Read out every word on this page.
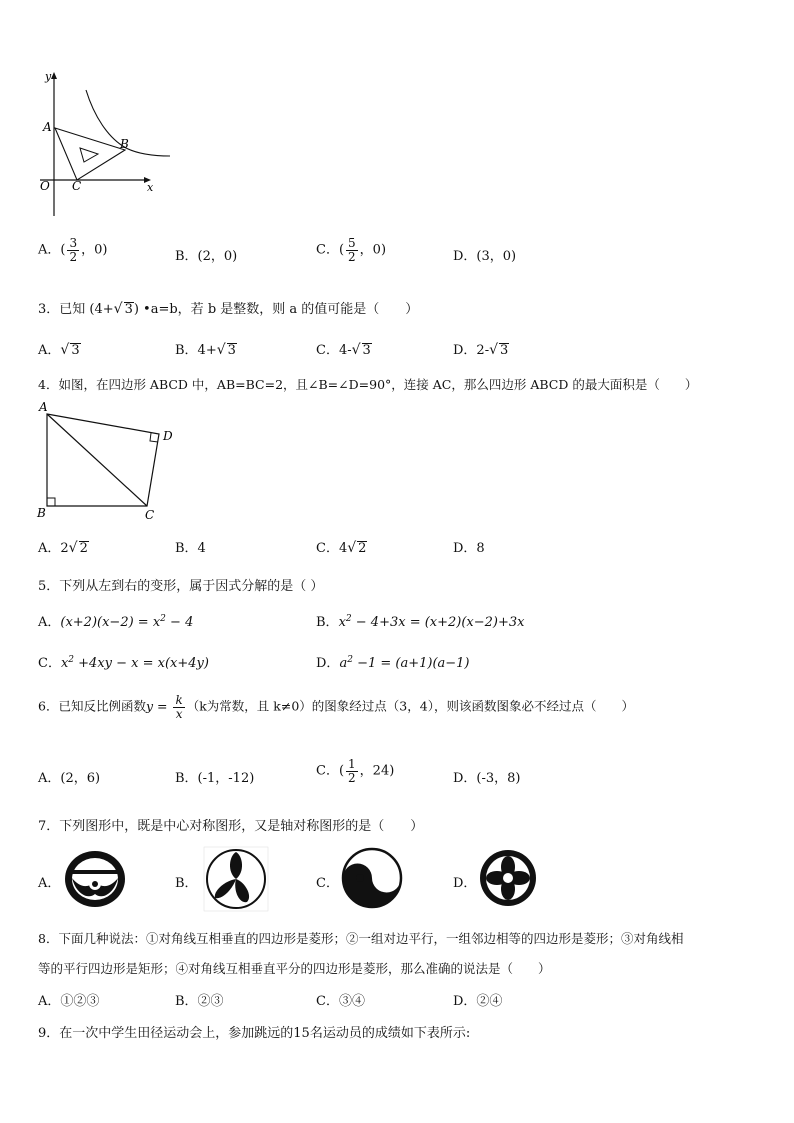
y
A
B
O C	x
A．( $\frac{3}{2}$ ，0)	B．(2，0)	C．( $\frac{5}{2}$ ，0)	D．(3，0)
3．已知 (4+√ 3) •a=b，若 b 是整数，则 a 的值可能是（　　）
A．√ 3	B．4+√ 3	C．4-√ 3	D．2-√ 3
4．如图，在四边形 ABCD 中，AB=BC=2，且∠B=∠D=90°，连接 AC，那么四边形 ABCD 的最大面积是（　　）
A
D
B	C
A．2√ 2	B．4	C．4√ 2	D．8
5．下列从左到右的变形，属于因式分解的是（ ）
A．$(x+2)(x-2) = x^2 - 4$	B．$x^2 - 4+3x = (x+2)(x-2)+3x$
C．$x^2 +4xy - x = x(x+4y)$	D．$a^2 -1 = (a+1)(a-1)$
6．已知反比例函数$y = \frac{k}{x} (k$为常数，且 k≠0）的图象经过点（3，4），则该函数图象必不经过点（　　）
A．(2，6)	B．(-1，-12)	C．( $\frac{1}{2}$ ，24)	D．(-3，8)
7．下列图形中，既是中心对称图形，又是轴对称图形的是（　　）
A．	B．	C．	D．
8．下面几种说法：①对角线互相垂直的四边形是菱形；②一组对边平行，一组邻边相等的四边形是菱形；③对角线相
等的平行四边形是矩形；④对角线互相垂直平分的四边形是菱形，那么准确的说法是（　　）
A．①②③	B．②③	C．③④	D．②④
9．在一次中学生田径运动会上，参加跳远的15名运动员的成绩如下表所示:
